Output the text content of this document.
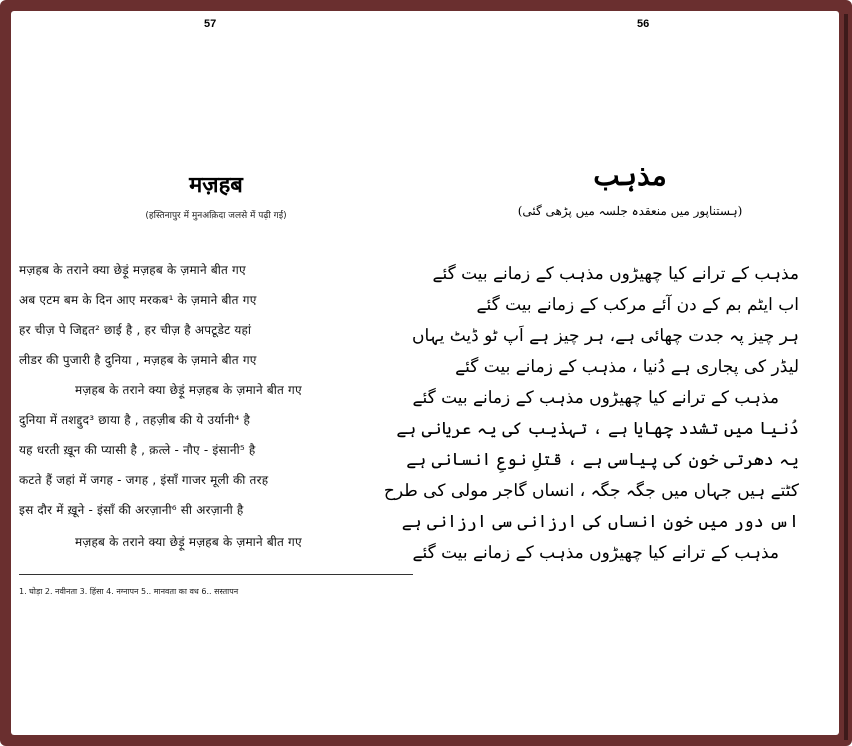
57
मज़हब
(हस्तिनापुर में मुनअक़िदा जलसे में पढ़ी गई)
मज़हब के तराने क्या छेड़ूं मज़हब के ज़माने बीत गए
अब एटम बम के दिन आए मरकब¹ के ज़माने बीत गए
हर चीज़ पे जिद्दत² छाई है , हर चीज़ है अपटूडेट यहां
लीडर की पुजारी है दुनिया , मज़हब के ज़माने बीत गए
मज़हब के तराने क्या छेड़ूं मज़हब के ज़माने बीत गए
दुनिया में तशद्दुद³ छाया है , तहज़ीब की ये उर्यानी⁴ है
यह धरती ख़ून की प्यासी है , क़त्ले - नौए - इंसानी⁵ है
कटते हैं जहां में जगह - जगह , इंसाँ गाजर मूली की तरह
इस दौर में ख़ूने - इंसाँ की अरज़ानी⁶ सी अरज़ानी है
मज़हब के तराने क्या छेड़ूं मज़हब के ज़माने बीत गए
1. घोड़ा 2. नवीनता 3. हिंसा 4. नग्नापन 5.. मानवता का वध 6.. सस्तापन
56
مذہب
(ہستناپور میں منعقدہ جلسہ میں پڑھی گئی)
مذہب کے ترانے کیا چھیڑوں مذہب کے زمانے بیت گئے
اب ایٹم بم کے دن آئے مرکب کے زمانے بیت گئے
ہر چیز پہ جدت چھائی ہے، ہر چیز ہے اَپ ٹو ڈیٹ یہاں
لیڈر کی پجاری ہے دُنیا ، مذہب کے زمانے بیت گئے
مذہب کے ترانے کیا چھیڑوں مذہب کے زمانے بیت گئے
دُنیا میں تشدد چھایا ہے ، تہذیب کی یہ عریانی ہے
یہ دھرتی خون کی پیاسی ہے ، قتلِ نوعِ انسانی ہے
کٹتے ہیں جہاں میں جگہ جگہ ، انساں گاجر مولی کی طرح
اس دور میں خونِ انساں کی ارزانی سی ارزانی ہے
مذہب کے ترانے کیا چھیڑوں مذہب کے زمانے بیت گئے
